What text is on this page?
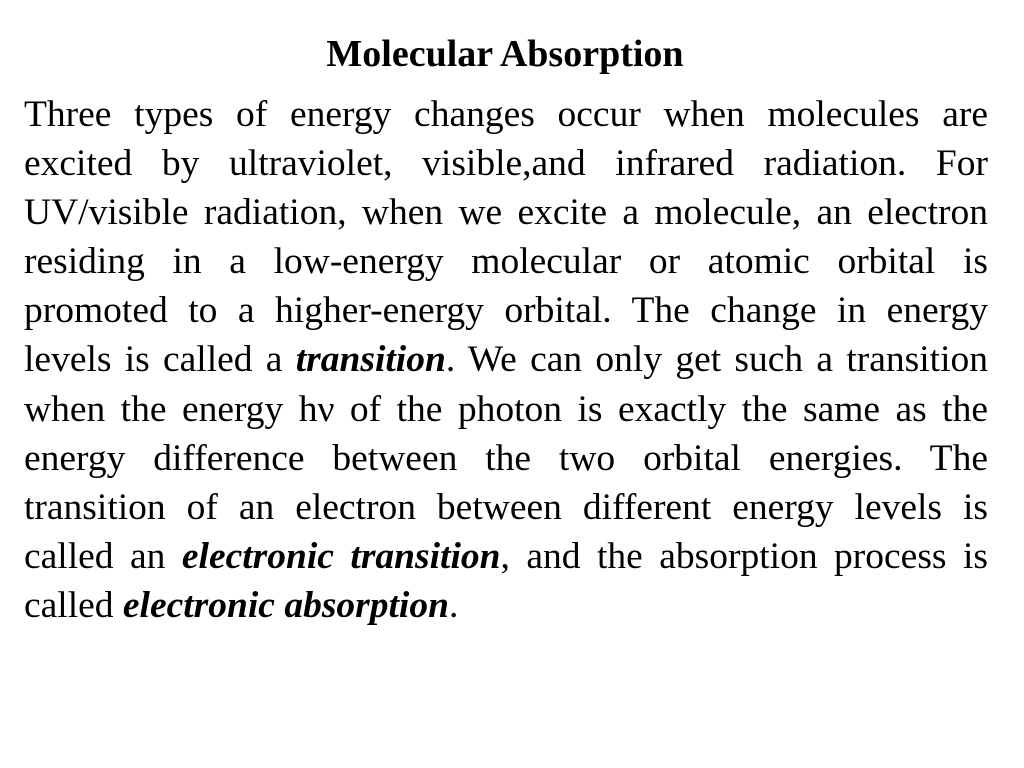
Molecular Absorption

Three types of energy changes occur when molecules are excited by ultraviolet, visible,and infrared radiation. For UV/visible radiation, when we excite a molecule, an electron residing in a low-energy molecular or atomic orbital is promoted to a higher-energy orbital. The change in energy levels is called a transition. We can only get such a transition when the energy hν of the photon is exactly the same as the energy difference between the two orbital energies. The transition of an electron between different energy levels is called an electronic transition, and the absorption process is called electronic absorption.
